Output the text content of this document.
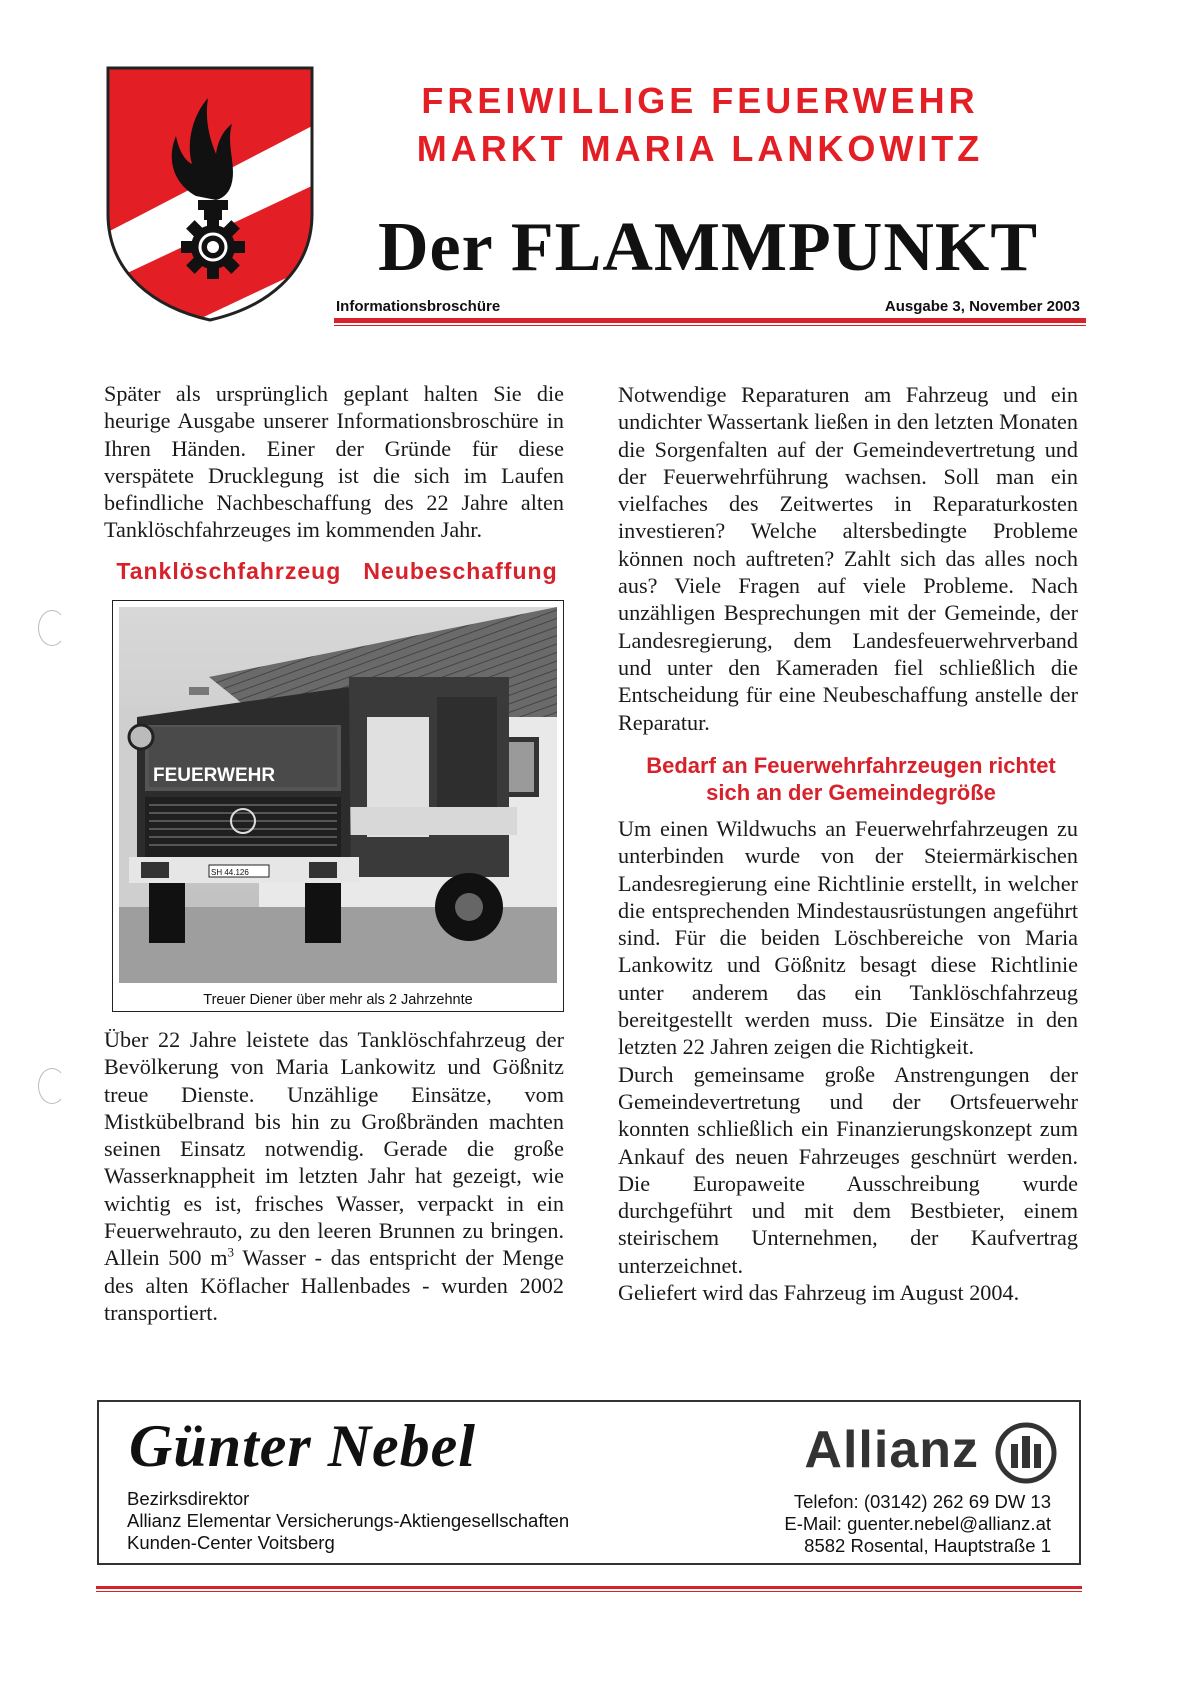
FREIWILLIGE FEUERWEHR
MARKT MARIA LANKOWITZ
Der FLAMMPUNKT
Informationsbroschüre	Ausgabe 3, November 2003

Später als ursprünglich geplant halten Sie die heurige Ausgabe unserer Informationsbroschüre in Ihren Händen. Einer der Gründe für diese verspätete Drucklegung ist die sich im Laufen befindliche Nachbeschaffung des 22 Jahre alten Tanklöschfahrzeuges im kommenden Jahr.

Tanklöschfahrzeug   Neubeschaffung
FEUERWEHR
SH 44.126
Treuer Diener über mehr als 2 Jahrzehnte

Über 22 Jahre leistete das Tanklöschfahrzeug der Bevölkerung von Maria Lankowitz und Gößnitz treue Dienste. Unzählige Einsätze, vom Mistkübelbrand bis hin zu Großbränden machten seinen Einsatz notwendig. Gerade die große Wasserknappheit im letzten Jahr hat gezeigt, wie wichtig es ist, frisches Wasser, verpackt in ein Feuerwehrauto, zu den leeren Brunnen zu bringen. Allein 500 $m^3$ Wasser - das entspricht der Menge des alten Köflacher Hallenbades - wurden 2002 transportiert.

Notwendige Reparaturen am Fahrzeug und ein undichter Wassertank ließen in den letzten Monaten die Sorgenfalten auf der Gemeindevertretung und der Feuerwehrführung wachsen. Soll man ein vielfaches des Zeitwertes in Reparaturkosten investieren? Welche altersbedingte Probleme können noch auftreten? Zahlt sich das alles noch aus? Viele Fragen auf viele Probleme. Nach unzähligen Besprechungen mit der Gemeinde, der Landesregierung, dem Landesfeuerwehrverband und unter den Kameraden fiel schließlich die Entscheidung für eine Neubeschaffung anstelle der Reparatur.

Bedarf an Feuerwehrfahrzeugen richtet
sich an der Gemeindegröße

Um einen Wildwuchs an Feuerwehrfahrzeugen zu unterbinden wurde von der Steiermärkischen Landesregierung eine Richtlinie erstellt, in welcher die entsprechenden Mindestausrüstungen angeführt sind. Für die beiden Löschbereiche von Maria Lankowitz und Gößnitz besagt diese Richtlinie unter anderem das ein Tanklöschfahrzeug bereitgestellt werden muss. Die Einsätze in den letzten 22 Jahren zeigen die Richtigkeit.

Durch gemeinsame große Anstrengungen der Gemeindevertretung und der Ortsfeuerwehr konnten schließlich ein Finanzierungskonzept zum Ankauf des neuen Fahrzeuges geschnürt werden. Die Europaweite Ausschreibung wurde durchgeführt und mit dem Bestbieter, einem steirischem Unternehmen, der Kaufvertrag unterzeichnet.

Geliefert wird das Fahrzeug im August 2004.

Günter Nebel
Bezirksdirektor
Allianz Elementar Versicherungs-Aktiengesellschaften
Kunden-Center Voitsberg
Allianz
Telefon: (03142) 262 69 DW 13
E-Mail: guenter.nebel@allianz.at
8582 Rosental, Hauptstraße 1
